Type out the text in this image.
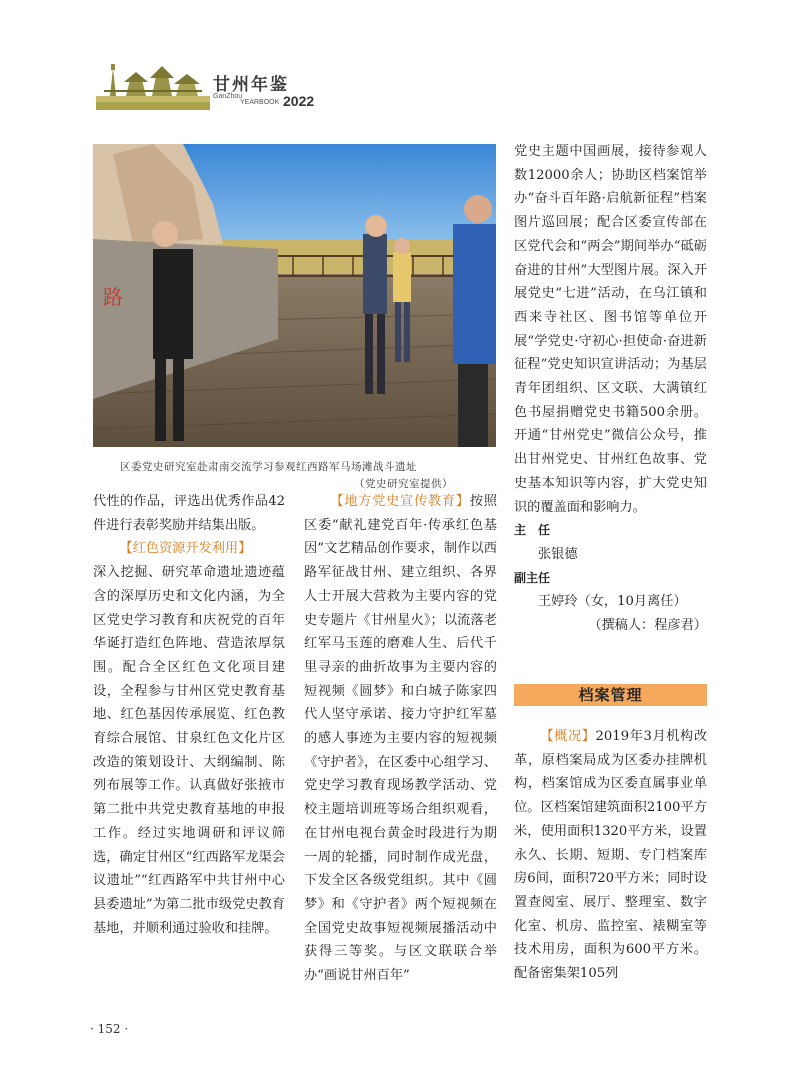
甘州年鉴
GanZhou
YEARBOOK 2022
路
区委党史研究室赴肃南交流学习参观红西路军马场滩战斗遗址
（党史研究室提供）

代性的作品，评选出优秀作品42件进行表彰奖励并结集出版。

【红色资源开发利用】

深入挖掘、研究革命遗址遗迹蕴含的深厚历史和文化内涵，为全区党史学习教育和庆祝党的百年华诞打造红色阵地、营造浓厚氛围。配合全区红色文化项目建设，全程参与甘州区党史教育基地、红色基因传承展览、红色教育综合展馆、甘泉红色文化片区改造的策划设计、大纲编制、陈列布展等工作。认真做好张掖市第二批中共党史教育基地的申报工作。经过实地调研和评议筛选，确定甘州区“红西路军龙渠会议遗址”“红西路军中共甘州中心县委遗址”为第二批市级党史教育基地，并顺利通过验收和挂牌。

【地方党史宣传教育】按照区委“献礼建党百年·传承红色基因”文艺精品创作要求，制作以西路军征战甘州、建立组织、各界人士开展大营救为主要内容的党史专题片《甘州星火》；以流落老红军马玉莲的磨难人生、后代千里寻亲的曲折故事为主要内容的短视频《圆梦》和白城子陈家四代人坚守承诺、接力守护红军墓的感人事迹为主要内容的短视频《守护者》，在区委中心组学习、党史学习教育现场教学活动、党校主题培训班等场合组织观看，在甘州电视台黄金时段进行为期一周的轮播，同时制作成光盘，下发全区各级党组织。其中《圆梦》和《守护者》两个短视频在全国党史故事短视频展播活动中获得三等奖。与区文联联合举办“画说甘州百年”

党史主题中国画展，接待参观人数12000余人；协助区档案馆举办“奋斗百年路·启航新征程”档案图片巡回展；配合区委宣传部在区党代会和“两会”期间举办“砥砺奋进的甘州”大型图片展。深入开展党史“七进”活动，在乌江镇和西来寺社区、图书馆等单位开展“学党史·守初心·担使命·奋进新征程”党史知识宣讲活动；为基层青年团组织、区文联、大满镇红色书屋捐赠党史书籍500余册。开通“甘州党史”微信公众号，推出甘州党史、甘州红色故事、党史基本知识等内容，扩大党史知识的覆盖面和影响力。

主　任

张银德

副主任

王婷玲（女，10月离任）

（撰稿人：程彦君）

档案管理

【概况】2019年3月机构改革，原档案局成为区委办挂牌机构，档案馆成为区委直属事业单位。区档案馆建筑面积2100平方米，使用面积1320平方米，设置永久、长期、短期、专门档案库房6间，面积720平方米；同时设置查阅室、展厅、整理室、数字化室、机房、监控室、裱糊室等技术用房，面积为600平方米。配备密集架105列

· 152 ·
